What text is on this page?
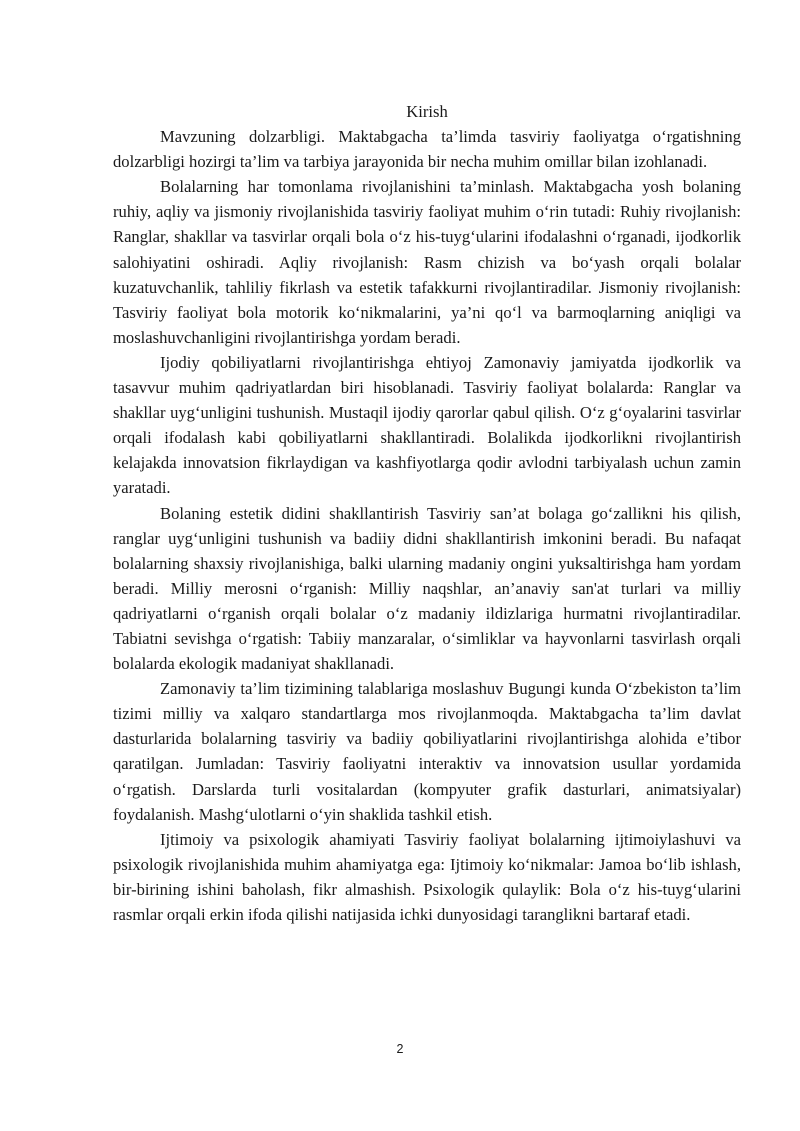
Kirish

Mavzuning dolzarbligi. Maktabgacha ta’limda tasviriy faoliyatga o‘rgatishning dolzarbligi hozirgi ta’lim va tarbiya jarayonida bir necha muhim omillar bilan izohlanadi.

Bolalarning har tomonlama rivojlanishini ta’minlash. Maktabgacha yosh bolaning ruhiy, aqliy va jismoniy rivojlanishida tasviriy faoliyat muhim o‘rin tutadi: Ruhiy rivojlanish: Ranglar, shakllar va tasvirlar orqali bola o‘z his-tuyg‘ularini ifodalashni o‘rganadi, ijodkorlik salohiyatini oshiradi. Aqliy rivojlanish: Rasm chizish va bo‘yash orqali bolalar kuzatuvchanlik, tahliliy fikrlash va estetik tafakkurni rivojlantiradilar. Jismoniy rivojlanish: Tasviriy faoliyat bola motorik ko‘nikmalarini, ya’ni qo‘l va barmoqlarning aniqligi va moslashuvchanligini rivojlantirishga yordam beradi.

Ijodiy qobiliyatlarni rivojlantirishga ehtiyoj Zamonaviy jamiyatda ijodkorlik va tasavvur muhim qadriyatlardan biri hisoblanadi. Tasviriy faoliyat bolalarda: Ranglar va shakllar uyg‘unligini tushunish. Mustaqil ijodiy qarorlar qabul qilish. O‘z g‘oyalarini tasvirlar orqali ifodalash kabi qobiliyatlarni shakllantiradi. Bolalikda ijodkorlikni rivojlantirish kelajakda innovatsion fikrlaydigan va kashfiyotlarga qodir avlodni tarbiyalash uchun zamin yaratadi.

Bolaning estetik didini shakllantirish Tasviriy san’at bolaga go‘zallikni his qilish, ranglar uyg‘unligini tushunish va badiiy didni shakllantirish imkonini beradi. Bu nafaqat bolalarning shaxsiy rivojlanishiga, balki ularning madaniy ongini yuksaltirishga ham yordam beradi. Milliy merosni o‘rganish: Milliy naqshlar, an’anaviy san'at turlari va milliy qadriyatlarni o‘rganish orqali bolalar o‘z madaniy ildizlariga hurmatni rivojlantiradilar. Tabiatni sevishga o‘rgatish: Tabiiy manzaralar, o‘simliklar va hayvonlarni tasvirlash orqali bolalarda ekologik madaniyat shakllanadi.

Zamonaviy ta’lim tizimining talablariga moslashuv Bugungi kunda O‘zbekiston ta’lim tizimi milliy va xalqaro standartlarga mos rivojlanmoqda. Maktabgacha ta’lim davlat dasturlarida bolalarning tasviriy va badiiy qobiliyatlarini rivojlantirishga alohida e’tibor qaratilgan. Jumladan: Tasviriy faoliyatni interaktiv va innovatsion usullar yordamida o‘rgatish. Darslarda turli vositalardan (kompyuter grafik dasturlari, animatsiyalar) foydalanish. Mashg‘ulotlarni o‘yin shaklida tashkil etish.

Ijtimoiy va psixologik ahamiyati Tasviriy faoliyat bolalarning ijtimoiylashuvi va psixologik rivojlanishida muhim ahamiyatga ega: Ijtimoiy ko‘nikmalar: Jamoa bo‘lib ishlash, bir-birining ishini baholash, fikr almashish. Psixologik qulaylik: Bola o‘z his-tuyg‘ularini rasmlar orqali erkin ifoda qilishi natijasida ichki dunyosidagi taranglikni bartaraf etadi.

2
